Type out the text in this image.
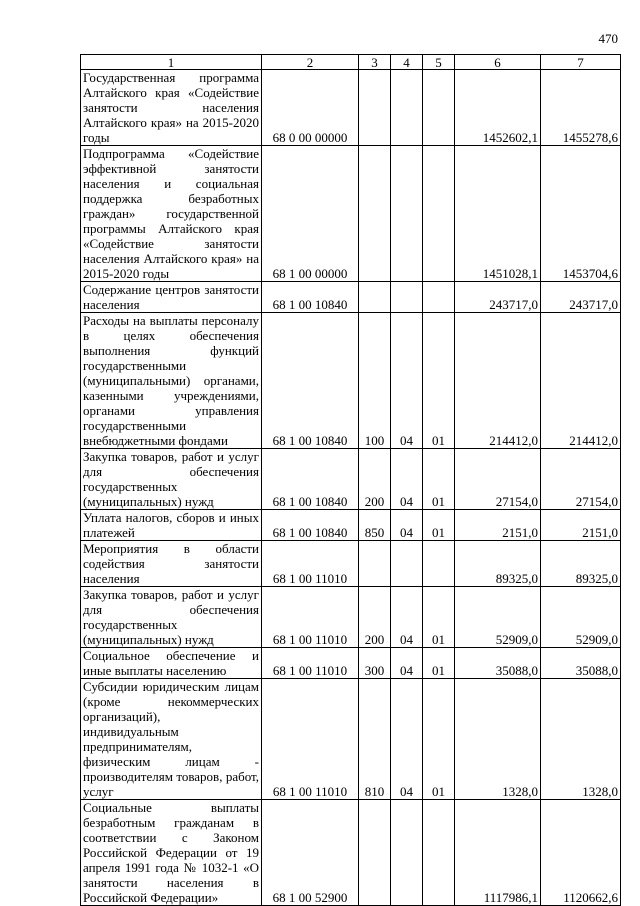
470
1	2	3	4	5	6	7
Государственная программа Алтайского края «Содействие занятости населения Алтайского края» на 2015-2020 годы	68 0 00 00000				1452602,1	1455278,6
Подпрограмма «Содействие эффективной занятости населения и социальная поддержка безработных граждан» государственной программы Алтайского края «Содействие занятости населения Алтайского края» на 2015-2020 годы	68 1 00 00000				1451028,1	1453704,6
Содержание центров занятости населения	68 1 00 10840				243717,0	243717,0
Расходы на выплаты персоналу в целях обеспечения выполнения функций государственными (муниципальными) органами, казенными учреждениями, органами управления государственными внебюджетными фондами	68 1 00 10840	100	04	01	214412,0	214412,0
Закупка товаров, работ и услуг для обеспечения государственных (муниципальных) нужд	68 1 00 10840	200	04	01	27154,0	27154,0
Уплата налогов, сборов и иных платежей	68 1 00 10840	850	04	01	2151,0	2151,0
Мероприятия в области содействия занятости населения	68 1 00 11010				89325,0	89325,0
Закупка товаров, работ и услуг для обеспечения государственных (муниципальных) нужд	68 1 00 11010	200	04	01	52909,0	52909,0
Социальное обеспечение и иные выплаты населению	68 1 00 11010	300	04	01	35088,0	35088,0
Субсидии юридическим лицам (кроме некоммерческих организаций), индивидуальным предпринимателям, физическим лицам - производителям товаров, работ, услуг	68 1 00 11010	810	04	01	1328,0	1328,0
Социальные выплаты безработным гражданам в соответствии с Законом Российской Федерации от 19 апреля 1991 года № 1032-1 «О занятости населения в Российской Федерации»	68 1 00 52900				1117986,1	1120662,6
